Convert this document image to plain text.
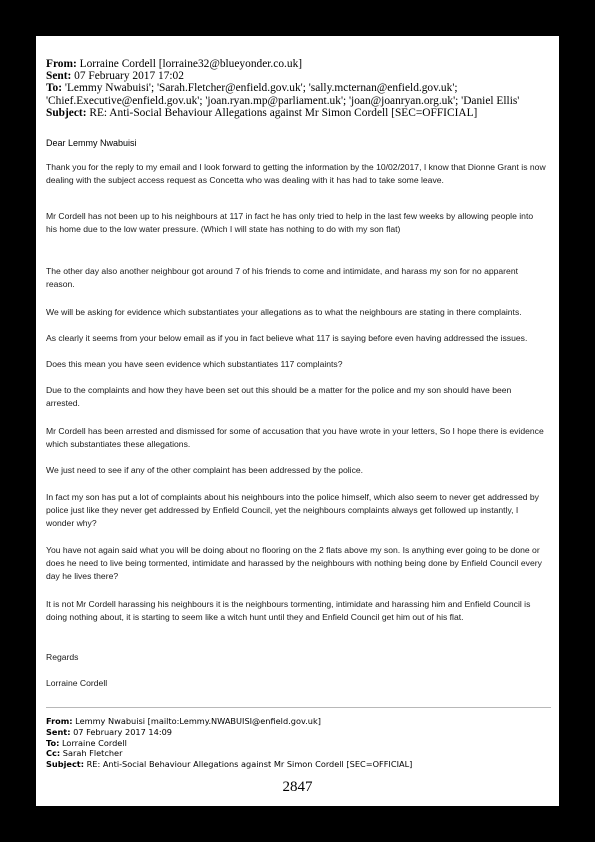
From: Lorraine Cordell [lorraine32@blueyonder.co.uk]
Sent: 07 February 2017 17:02
To: 'Lemmy Nwabuisi'; 'Sarah.Fletcher@enfield.gov.uk'; 'sally.mcternan@enfield.gov.uk'; 'Chief.Executive@enfield.gov.uk'; 'joan.ryan.mp@parliament.uk'; 'joan@joanryan.org.uk'; 'Daniel Ellis'
Subject: RE: Anti-Social Behaviour Allegations against Mr Simon Cordell [SEC=OFFICIAL]
Dear Lemmy Nwabuisi

Thank you for the reply to my email and I look forward to getting the information by the 10/02/2017, I know that Dionne Grant is now dealing with the subject access request as Concetta who was dealing with it has had to take some leave.

Mr Cordell has not been up to his neighbours at 117 in fact he has only tried to help in the last few weeks by allowing people into his home due to the low water pressure. (Which I will state has nothing to do with my son flat)

The other day also another neighbour got around 7 of his friends to come and intimidate, and harass my son for no apparent reason.

We will be asking for evidence which substantiates your allegations as to what the neighbours are stating in there complaints.

As clearly it seems from your below email as if you in fact believe what 117 is saying before even having addressed the issues.

Does this mean you have seen evidence which substantiates 117 complaints?

Due to the complaints and how they have been set out this should be a matter for the police and my son should have been arrested.

Mr Cordell has been arrested and dismissed for some of accusation that you have wrote in your letters, So I hope there is evidence which substantiates these allegations.

We just need to see if any of the other complaint has been addressed by the police.

In fact my son has put a lot of complaints about his neighbours into the police himself, which also seem to never get addressed by police just like they never get addressed by Enfield Council, yet the neighbours complaints always get followed up instantly, I wonder why?

You have not again said what you will be doing about no flooring on the 2 flats above my son. Is anything ever going to be done or does he need to live being tormented, intimidate and harassed by the neighbours with nothing being done by Enfield Council every day he lives there?

It is not Mr Cordell harassing his neighbours it is the neighbours tormenting, intimidate and harassing him and Enfield Council is doing nothing about, it is starting to seem like a witch hunt until they and Enfield Council get him out of his flat.

Regards

Lorraine Cordell

From: Lemmy Nwabuisi [mailto:Lemmy.NWABUISI@enfield.gov.uk]
Sent: 07 February 2017 14:09
To: Lorraine Cordell
Cc: Sarah Fletcher
Subject: RE: Anti-Social Behaviour Allegations against Mr Simon Cordell [SEC=OFFICIAL]
2847
